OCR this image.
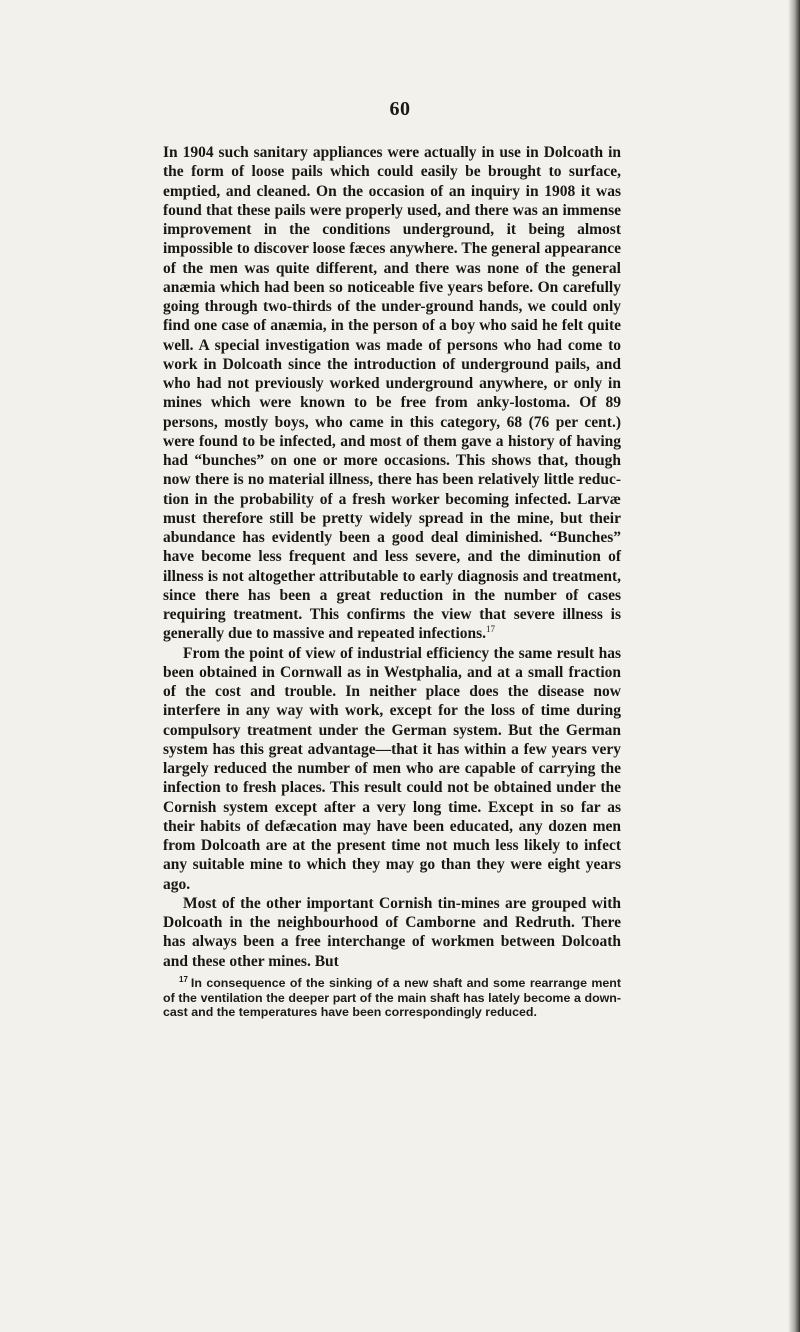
60

In 1904 such sanitary appliances were actually in use in Dolcoath in the form of loose pails which could easily be brought to surface, emptied, and cleaned. On the occasion of an inquiry in 1908 it was found that these pails were properly used, and there was an immense improvement in the conditions underground, it being almost impossible to discover loose fæces anywhere. The general appearance of the men was quite different, and there was none of the general anæmia which had been so noticeable five years before. On carefully going through two-thirds of the under-ground hands, we could only find one case of anæmia, in the person of a boy who said he felt quite well. A special investigation was made of persons who had come to work in Dolcoath since the introduction of underground pails, and who had not previously worked underground anywhere, or only in mines which were known to be free from anky-lostoma. Of 89 persons, mostly boys, who came in this category, 68 (76 per cent.) were found to be infected, and most of them gave a history of having had “bunches” on one or more occasions. This shows that, though now there is no material illness, there has been relatively little reduc-tion in the probability of a fresh worker becoming infected. Larvæ must therefore still be pretty widely spread in the mine, but their abundance has evidently been a good deal diminished. “Bunches” have become less frequent and less severe, and the diminution of illness is not altogether attributable to early diagnosis and treatment, since there has been a great reduction in the number of cases requiring treatment. This confirms the view that severe illness is generally due to massive and repeated infections.$^{17}$

From the point of view of industrial efficiency the same result has been obtained in Cornwall as in Westphalia, and at a small fraction of the cost and trouble. In neither place does the disease now interfere in any way with work, except for the loss of time during compulsory treatment under the German system. But the German system has this great advantage—that it has within a few years very largely reduced the number of men who are capable of carrying the infection to fresh places. This result could not be obtained under the Cornish system except after a very long time. Except in so far as their habits of defæcation may have been educated, any dozen men from Dolcoath are at the present time not much less likely to infect any suitable mine to which they may go than they were eight years ago.

Most of the other important Cornish tin-mines are grouped with Dolcoath in the neighbourhood of Camborne and Redruth. There has always been a free interchange of workmen between Dolcoath and these other mines. But

$^{17}$ In consequence of the sinking of a new shaft and some rearrange ment of the ventilation the deeper part of the main shaft has lately become a down-cast and the temperatures have been correspondingly reduced.
